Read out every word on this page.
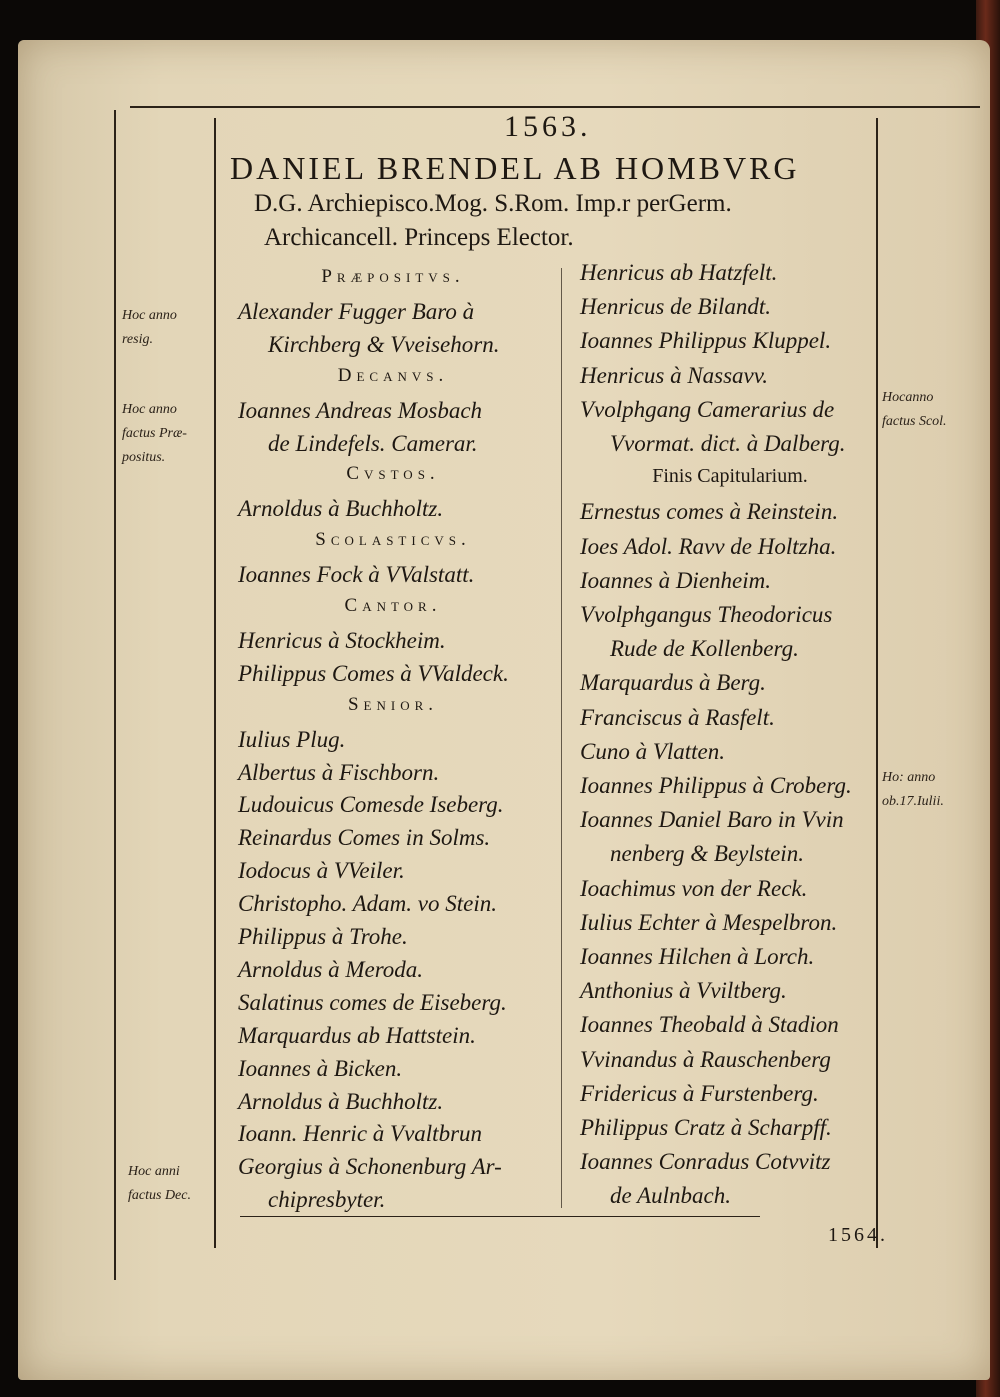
1563.
DANIEL BRENDEL AB HOMBVRG
D.G. Archiepisco.Mog. S.Rom. Imp.r perGerm.
Archicancell. Princeps Elector.
Hoc anno
resig.
Hoc anno
factus Præ-
positus.
Hoc anni
factus Dec.
Hocanno
factus Scol.
Ho: anno
ob.17.Iulii.
Præpositvs.
Alexander Fugger Baro à
Kirchberg & Vveisehorn.
Decanvs.
Ioannes Andreas Mosbach
de Lindefels. Camerar.
Cvstos.
Arnoldus à Buchholtz.
Scolasticvs.
Ioannes Fock à VValstatt.
Cantor.
Henricus à Stockheim.
Philippus Comes à VValdeck.
Senior.
Iulius Plug.
Albertus à Fischborn.
Ludouicus Comesde Iseberg.
Reinardus Comes in Solms.
Iodocus à VVeiler.
Christopho. Adam. vo Stein.
Philippus à Trohe.
Arnoldus à Meroda.
Salatinus comes de Eiseberg.
Marquardus ab Hattstein.
Ioannes à Bicken.
Arnoldus à Buchholtz.
Ioann. Henric à Vvaltbrun
Georgius à Schonenburg Ar-
chipresbyter.
Henricus ab Hatzfelt.
Henricus de Bilandt.
Ioannes Philippus Kluppel.
Henricus à Nassavv.
Vvolphgang Camerarius de
Vvormat. dict. à Dalberg.
Finis Capitularium.
Ernestus comes à Reinstein.
Ioes Adol. Ravv de Holtzha.
Ioannes à Dienheim.
Vvolphgangus Theodoricus
Rude de Kollenberg.
Marquardus à Berg.
Franciscus à Rasfelt.
Cuno à Vlatten.
Ioannes Philippus à Croberg.
Ioannes Daniel Baro in Vvin
nenberg & Beylstein.
Ioachimus von der Reck.
Iulius Echter à Mespelbron.
Ioannes Hilchen à Lorch.
Anthonius à Vviltberg.
Ioannes Theobald à Stadion
Vvinandus à Rauschenberg
Fridericus à Furstenberg.
Philippus Cratz à Scharpff.
Ioannes Conradus Cotvvitz
de Aulnbach.
1564.
